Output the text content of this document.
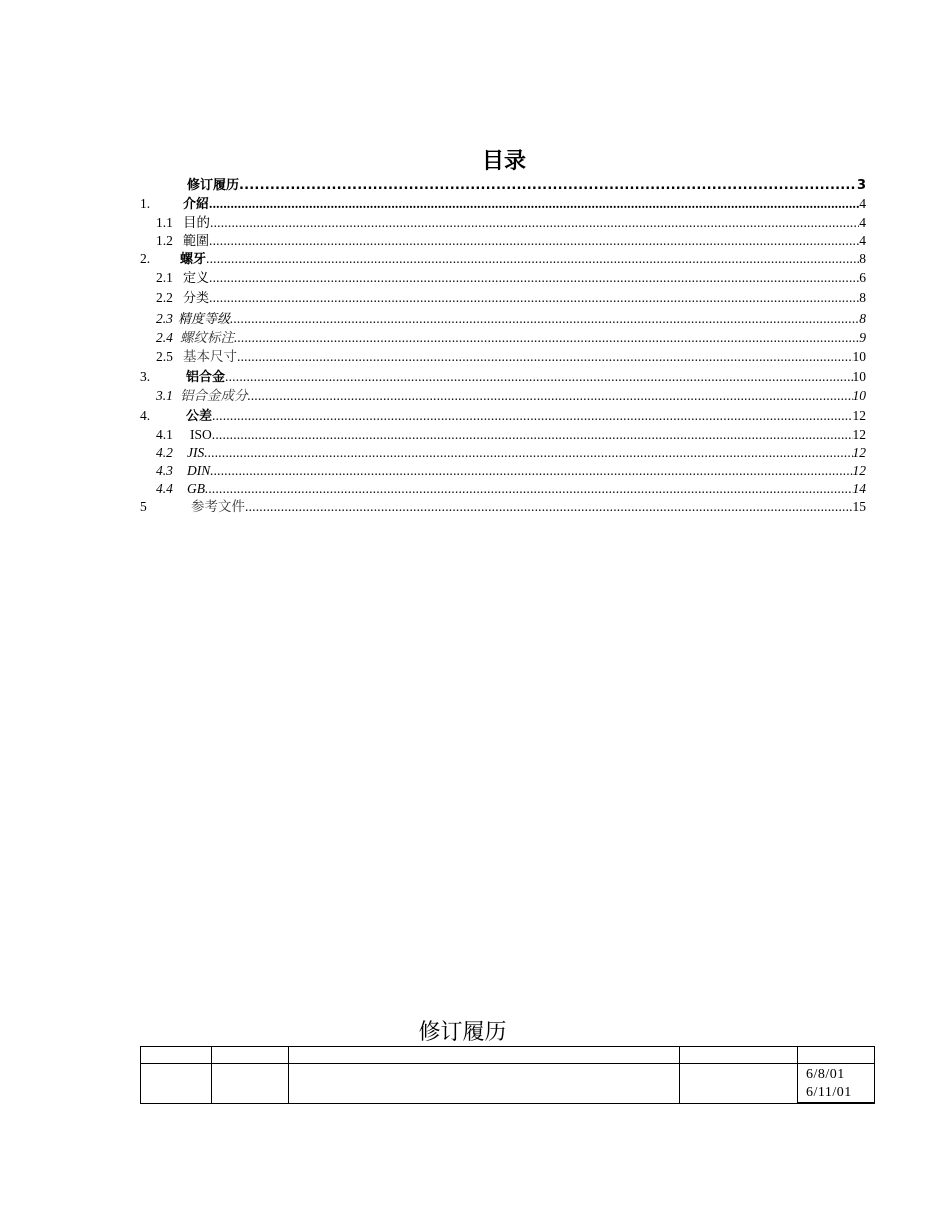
目录
修订履历 .....	3
1.	介紹 .....	4
1.1 目的 .....	4
1.2 範圍 .....	4
2. 螺牙 .....	8
2.1 定义 .....	6
2.2 分类 .....	8
2.3 精度等级 .....	8
2.4 螺纹标注 .....	9
2.5 基本尺寸 .....	10
3.	铝合金 .....	10
3.1 铝合金成分 .....	10
4.	公差 .....	12
4.1 ISO .....	12
4.2 JIS .....	12
4.3 DIN .....	12
4.4 GB .....	14
5	参考文件 .....	15
修订履历

				6/8/01
6/11/01
